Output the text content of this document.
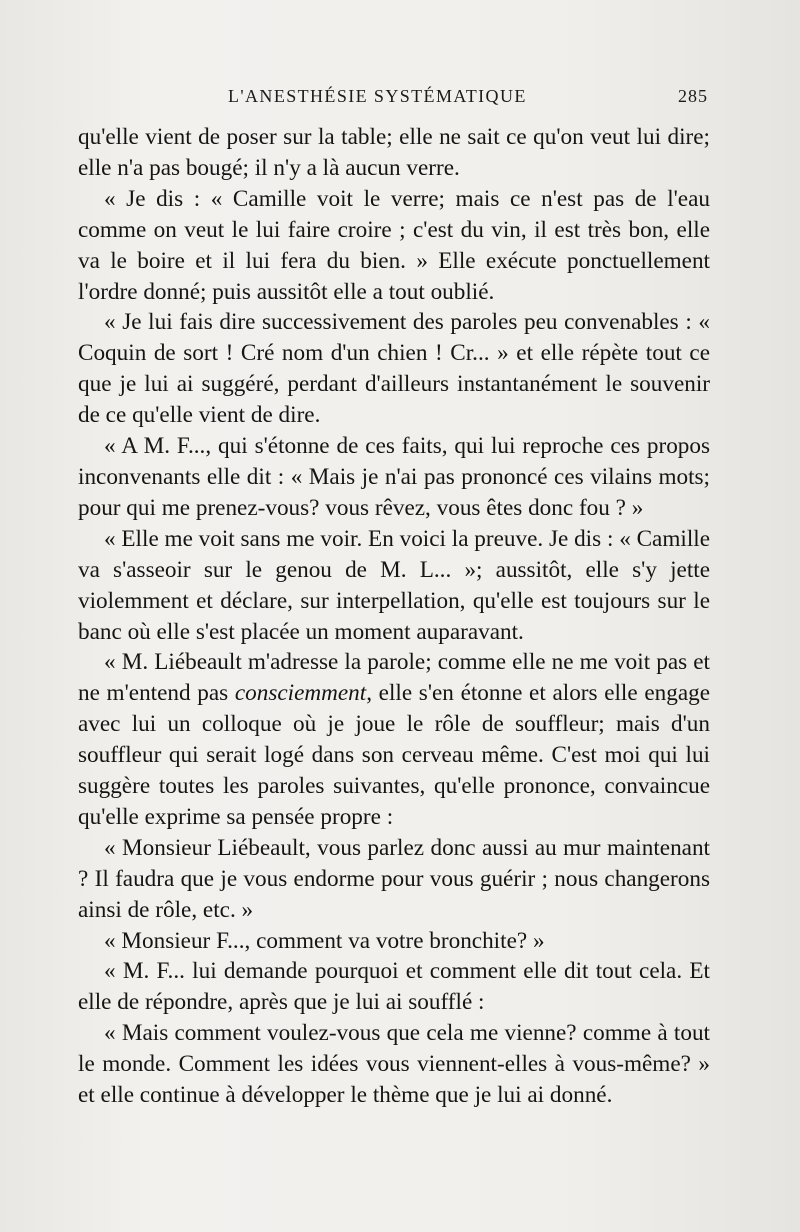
L'ANESTHÉSIE SYSTÉMATIQUE	285

qu'elle vient de poser sur la table; elle ne sait ce qu'on veut lui dire; elle n'a pas bougé; il n'y a là aucun verre.

« Je dis : « Camille voit le verre; mais ce n'est pas de l'eau comme on veut le lui faire croire ; c'est du vin, il est très bon, elle va le boire et il lui fera du bien. » Elle exécute ponctuellement l'ordre donné; puis aussitôt elle a tout oublié.

« Je lui fais dire successivement des paroles peu convenables : « Coquin de sort ! Cré nom d'un chien ! Cr... » et elle répète tout ce que je lui ai suggéré, perdant d'ailleurs instantanément le souvenir de ce qu'elle vient de dire.

« A M. F..., qui s'étonne de ces faits, qui lui reproche ces propos inconvenants elle dit : « Mais je n'ai pas prononcé ces vilains mots; pour qui me prenez-vous? vous rêvez, vous êtes donc fou ? »

« Elle me voit sans me voir. En voici la preuve. Je dis : « Camille va s'asseoir sur le genou de M. L... »; aussitôt, elle s'y jette violemment et déclare, sur interpellation, qu'elle est toujours sur le banc où elle s'est placée un moment auparavant.

« M. Liébeault m'adresse la parole; comme elle ne me voit pas et ne m'entend pas consciemment, elle s'en étonne et alors elle engage avec lui un colloque où je joue le rôle de souffleur; mais d'un souffleur qui serait logé dans son cerveau même. C'est moi qui lui suggère toutes les paroles suivantes, qu'elle prononce, convaincue qu'elle exprime sa pensée propre :

« Monsieur Liébeault, vous parlez donc aussi au mur maintenant ? Il faudra que je vous endorme pour vous guérir ; nous changerons ainsi de rôle, etc. »

« Monsieur F..., comment va votre bronchite? »

« M. F... lui demande pourquoi et comment elle dit tout cela. Et elle de répondre, après que je lui ai soufflé :

« Mais comment voulez-vous que cela me vienne? comme à tout le monde. Comment les idées vous viennent-elles à vous-même? » et elle continue à développer le thème que je lui ai donné.
